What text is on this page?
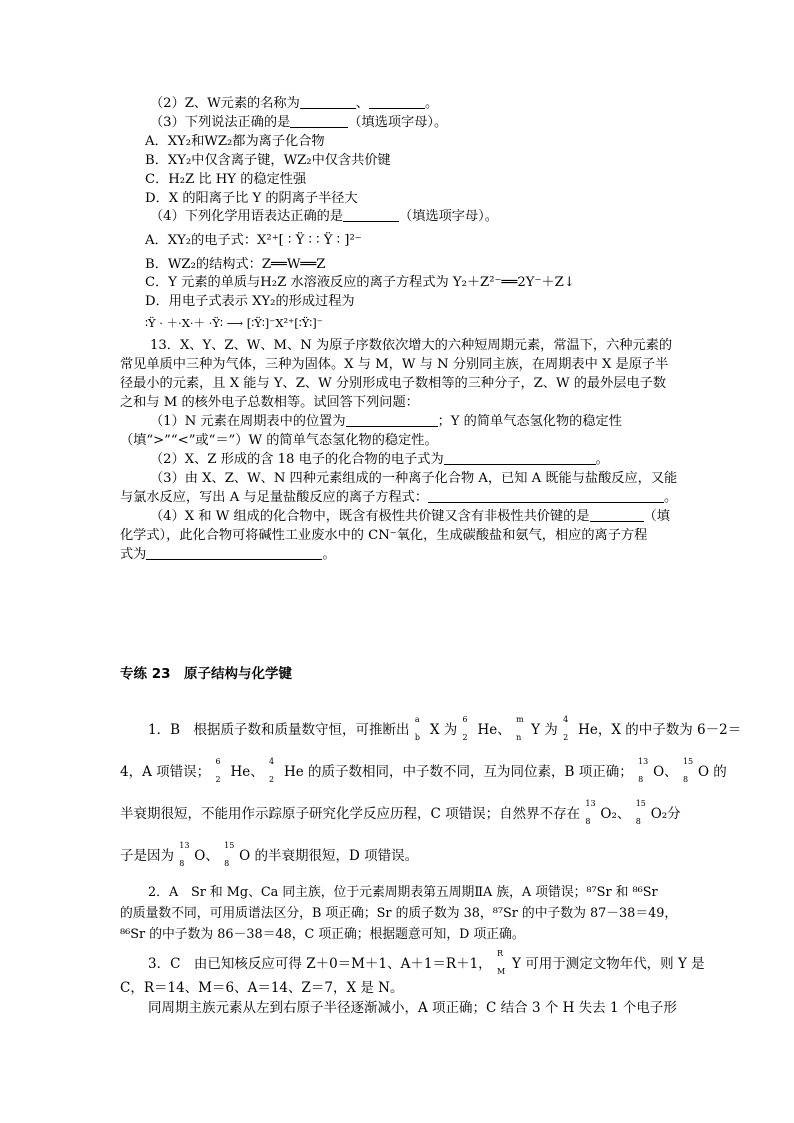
（2）Z、W元素的名称为	、	。
（3）下列说法正确的是	（填选项字母）。
A．XY₂和WZ₂都为离子化合物
B．XY₂中仅含离子键，WZ₂中仅含共价键
C．H₂Z 比 HY 的稳定性强
D．X 的阳离子比 Y 的阴离子半径大
（4）下列化学用语表达正确的是	（填选项字母）。
A．XY₂的电子式：X²⁺[ ∶ Ÿ ∶ ∶ Ÿ ∶ ]²⁻
B．WZ₂的结构式：Z══W══Z
C．Y 元素的单质与H₂Z 水溶液反应的离子方程式为 Y₂＋Z²⁻══2Y⁻＋Z↓
D．用电子式表示 XY₂的形成过程为
∶Ÿ · ＋·X·＋ ·Ÿ∶ ⟶ [∶Ÿ∶]⁻X²⁺[∶Ÿ∶]⁻
13．X、Y、Z、W、M、N 为原子序数依次增大的六种短周期元素，常温下，六种元素的
常见单质中三种为气体，三种为固体。X 与 M，W 与 N 分别同主族，在周期表中 X 是原子半
径最小的元素，且 X 能与 Y、Z、W 分别形成电子数相等的三种分子，Z、W 的最外层电子数
之和与 M 的核外电子总数相等。试回答下列问题：
（1）N 元素在周期表中的位置为	；Y 的简单气态氢化物的稳定性
（填“>”“<”或“＝”）W 的简单气态氢化物的稳定性。
（2）X、Z 形成的含 18 电子的化合物的电子式为	。
（3）由 X、Z、W、N 四种元素组成的一种离子化合物 A，已知 A 既能与盐酸反应，又能
与氯水反应，写出 A 与足量盐酸反应的离子方程式：	。
（4）X 和 W 组成的化合物中，既含有极性共价键又含有非极性共价键的是	（填
化学式），此化合物可将碱性工业废水中的 CN⁻氧化，生成碳酸盐和氨气，相应的离子方程
式为	。
专练 23　原子结构与化学键
1．B　根据质子数和质量数守恒，可推断出
a
b X 为
6
2 He、
m
n Y 为
4
2 He，X 的中子数为 6－2＝
4，A 项错误；
6
2 He、
4
2 He 的质子数相同，中子数不同，互为同位素，B 项正确；
13
8 O、
15
8 O 的
半衰期很短，不能用作示踪原子研究化学反应历程，C 项错误；自然界不存在
13
8 O₂、
15
8 O₂分
子是因为
13
8 O、
15
8 O 的半衰期很短，D 项错误。
2．A　Sr 和 Mg、Ca 同主族，位于元素周期表第五周期ⅡA 族，A 项错误；⁸⁷Sr 和 ⁸⁶Sr
的质量数不同，可用质谱法区分，B 项正确；Sr 的质子数为 38，⁸⁷Sr 的中子数为 87－38＝49，
⁸⁶Sr 的中子数为 86－38＝48，C 项正确；根据题意可知，D 项正确。
3．C　由已知核反应可得 Z＋0＝M＋1、A＋1＝R＋1，
R
M Y 可用于测定文物年代，则 Y 是
C，R＝14、M＝6、A＝14、Z＝7，X 是 N。
同周期主族元素从左到右原子半径逐渐减小，A 项正确；C 结合 3 个 H 失去 1 个电子形
